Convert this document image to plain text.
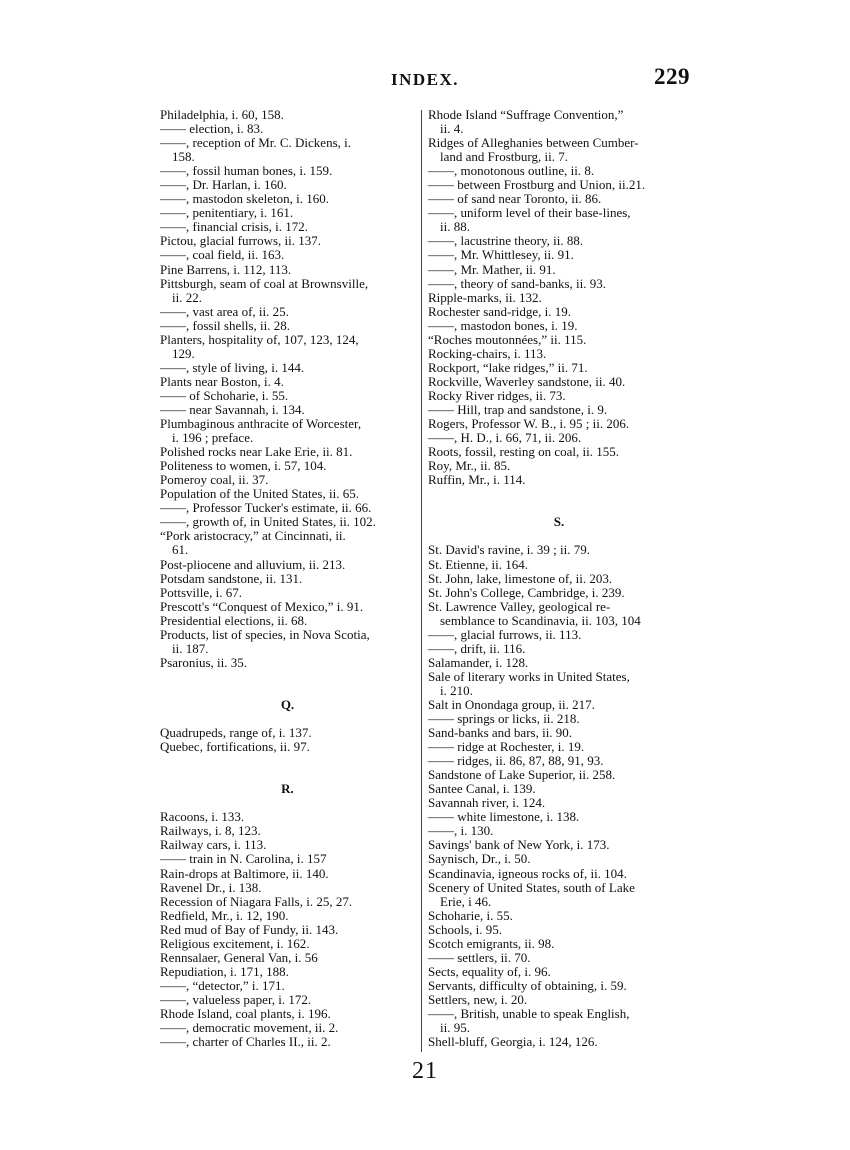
INDEX.	229
Philadelphia, i. 60, 158.
—— election, i. 83.
——, reception of Mr. C. Dickens, i.
158.
——, fossil human bones, i. 159.
——, Dr. Harlan, i. 160.
——, mastodon skeleton, i. 160.
——, penitentiary, i. 161.
——, financial crisis, i. 172.
Pictou, glacial furrows, ii. 137.
——, coal field, ii. 163.
Pine Barrens, i. 112, 113.
Pittsburgh, seam of coal at Brownsville,
ii. 22.
——, vast area of, ii. 25.
——, fossil shells, ii. 28.
Planters, hospitality of, 107, 123, 124,
129.
——, style of living, i. 144.
Plants near Boston, i. 4.
—— of Schoharie, i. 55.
—— near Savannah, i. 134.
Plumbaginous anthracite of Worcester,
i. 196 ; preface.
Polished rocks near Lake Erie, ii. 81.
Politeness to women, i. 57, 104.
Pomeroy coal, ii. 37.
Population of the United States, ii. 65.
——, Professor Tucker's estimate, ii. 66.
——, growth of, in United States, ii. 102.
“Pork aristocracy,” at Cincinnati, ii.
61.
Post-pliocene and alluvium, ii. 213.
Potsdam sandstone, ii. 131.
Pottsville, i. 67.
Prescott's “Conquest of Mexico,” i. 91.
Presidential elections, ii. 68.
Products, list of species, in Nova Scotia,
ii. 187.
Psaronius, ii. 35.
Q.
Quadrupeds, range of, i. 137.
Quebec, fortifications, ii. 97.
R.
Racoons, i. 133.
Railways, i. 8, 123.
Railway cars, i. 113.
—— train in N. Carolina, i. 157
Rain-drops at Baltimore, ii. 140.
Ravenel Dr., i. 138.
Recession of Niagara Falls, i. 25, 27.
Redfield, Mr., i. 12, 190.
Red mud of Bay of Fundy, ii. 143.
Religious excitement, i. 162.
Rennsalaer, General Van, i. 56
Repudiation, i. 171, 188.
——, “detector,” i. 171.
——, valueless paper, i. 172.
Rhode Island, coal plants, i. 196.
——, democratic movement, ii. 2.
——, charter of Charles II., ii. 2.
Rhode Island “Suffrage Convention,”
ii. 4.
Ridges of Alleghanies between Cumber-
land and Frostburg, ii. 7.
——, monotonous outline, ii. 8.
—— between Frostburg and Union, ii.21.
—— of sand near Toronto, ii. 86.
——, uniform level of their base-lines,
ii. 88.
——, lacustrine theory, ii. 88.
——, Mr. Whittlesey, ii. 91.
——, Mr. Mather, ii. 91.
——, theory of sand-banks, ii. 93.
Ripple-marks, ii. 132.
Rochester sand-ridge, i. 19.
——, mastodon bones, i. 19.
“Roches moutonnées,” ii. 115.
Rocking-chairs, i. 113.
Rockport, “lake ridges,” ii. 71.
Rockville, Waverley sandstone, ii. 40.
Rocky River ridges, ii. 73.
—— Hill, trap and sandstone, i. 9.
Rogers, Professor W. B., i. 95 ; ii. 206.
——, H. D., i. 66, 71, ii. 206.
Roots, fossil, resting on coal, ii. 155.
Roy, Mr., ii. 85.
Ruffin, Mr., i. 114.
S.
St. David's ravine, i. 39 ; ii. 79.
St. Etienne, ii. 164.
St. John, lake, limestone of, ii. 203.
St. John's College, Cambridge, i. 239.
St. Lawrence Valley, geological re-
semblance to Scandinavia, ii. 103, 104
——, glacial furrows, ii. 113.
——, drift, ii. 116.
Salamander, i. 128.
Sale of literary works in United States,
i. 210.
Salt in Onondaga group, ii. 217.
—— springs or licks, ii. 218.
Sand-banks and bars, ii. 90.
—— ridge at Rochester, i. 19.
—— ridges, ii. 86, 87, 88, 91, 93.
Sandstone of Lake Superior, ii. 258.
Santee Canal, i. 139.
Savannah river, i. 124.
—— white limestone, i. 138.
——, i. 130.
Savings' bank of New York, i. 173.
Saynisch, Dr., i. 50.
Scandinavia, igneous rocks of, ii. 104.
Scenery of United States, south of Lake
Erie, i 46.
Schoharie, i. 55.
Schools, i. 95.
Scotch emigrants, ii. 98.
—— settlers, ii. 70.
Sects, equality of, i. 96.
Servants, difficulty of obtaining, i. 59.
Settlers, new, i. 20.
——, British, unable to speak English,
ii. 95.
Shell-bluff, Georgia, i. 124, 126.
21
